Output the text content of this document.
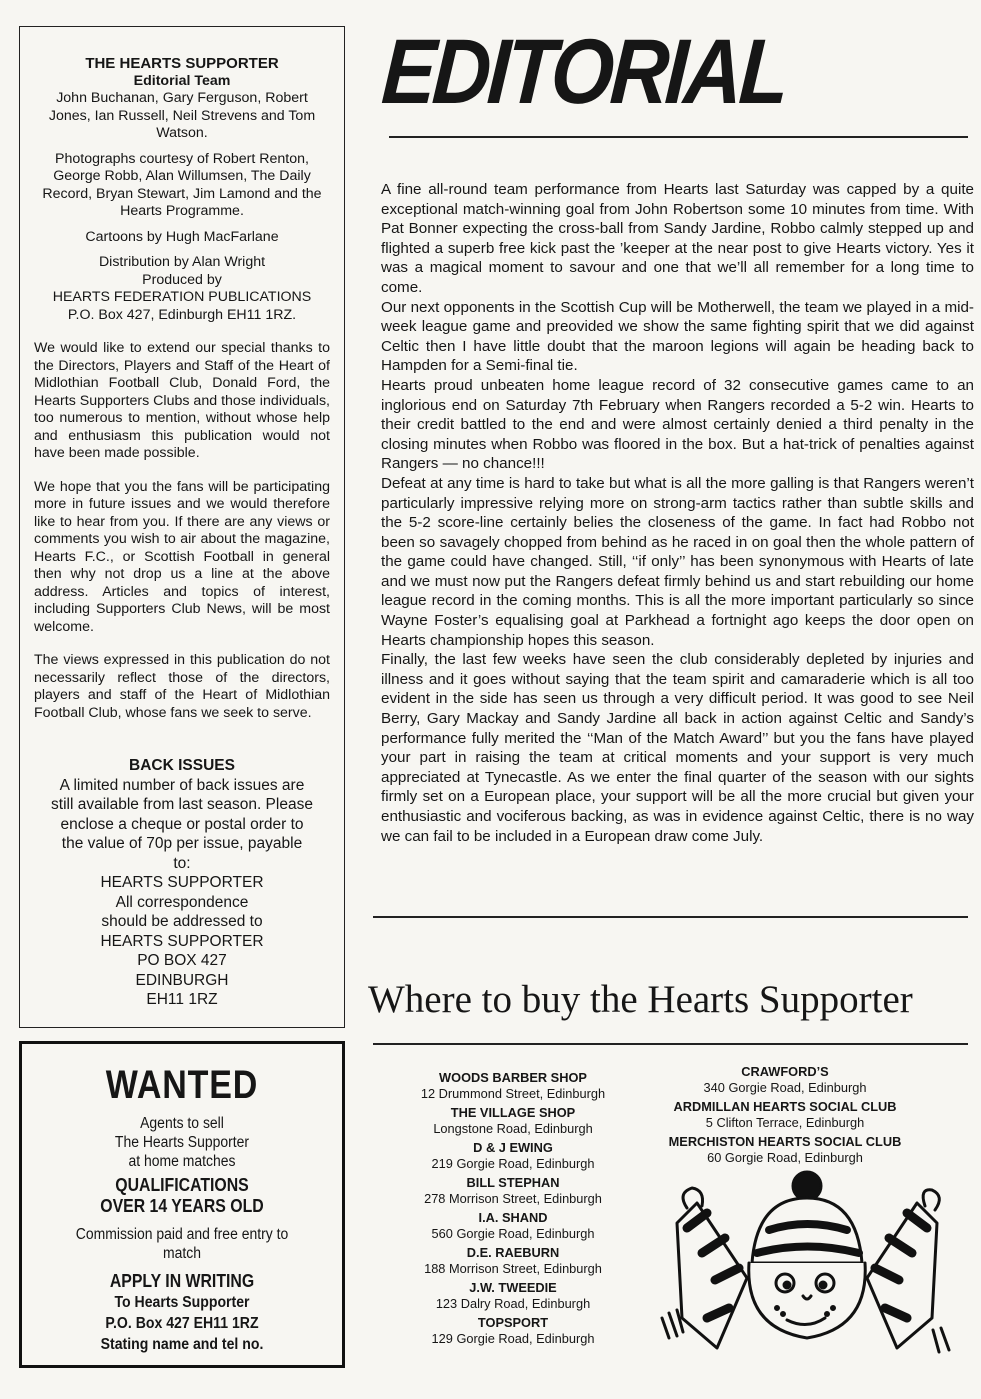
THE HEARTS SUPPORTER
Editorial Team
John Buchanan, Gary Ferguson, Robert Jones, Ian Russell, Neil Strevens and Tom Watson.
Photographs courtesy of Robert Renton, George Robb, Alan Willumsen, The Daily Record, Bryan Stewart, Jim Lamond and the Hearts Programme.
Cartoons by Hugh MacFarlane
Distribution by Alan Wright
Produced by
HEARTS FEDERATION PUBLICATIONS
P.O. Box 427, Edinburgh EH11 1RZ.
We would like to extend our special thanks to the Directors, Players and Staff of the Heart of Midlothian Football Club, Donald Ford, the Hearts Supporters Clubs and those individuals, too numerous to mention, without whose help and enthusiasm this publication would not have been made possible.
We hope that you the fans will be participating more in future issues and we would therefore like to hear from you. If there are any views or comments you wish to air about the magazine, Hearts F.C., or Scottish Football in general then why not drop us a line at the above address. Articles and topics of interest, including Supporters Club News, will be most welcome.
The views expressed in this publication do not necessarily reflect those of the directors, players and staff of the Heart of Midlothian Football Club, whose fans we seek to serve.
BACK ISSUES
A limited number of back issues are
still available from last season. Please
enclose a cheque or postal order to
the value of 70p per issue, payable
to:
HEARTS SUPPORTER
All correspondence
should be addressed to
HEARTS SUPPORTER
PO BOX 427
EDINBURGH
EH11 1RZ
WANTED
Agents to sell
The Hearts Supporter
at home matches
QUALIFICATIONS
OVER 14 YEARS OLD
Commission paid and free entry to
match
APPLY IN WRITING
To Hearts Supporter
P.O. Box 427 EH11 1RZ
Stating name and tel no.
EDITORIAL

A fine all-round team performance from Hearts last Saturday was capped by a quite exceptional match-winning goal from John Robertson some 10 minutes from time. With Pat Bonner expecting the cross-ball from Sandy Jardine, Robbo calmly stepped up and flighted a superb free kick past the ’keeper at the near post to give Hearts victory. Yes it was a magical moment to savour and one that we’ll all remember for a long time to come.

Our next opponents in the Scottish Cup will be Motherwell, the team we played in a mid-week league game and preovided we show the same fighting spirit that we did against Celtic then I have little doubt that the maroon legions will again be heading back to Hampden for a Semi-final tie.

Hearts proud unbeaten home league record of 32 consecutive games came to an inglorious end on Saturday 7th February when Rangers recorded a 5-2 win. Hearts to their credit battled to the end and were almost certainly denied a third penalty in the closing minutes when Robbo was floored in the box. But a hat-trick of penalties against Rangers — no chance!!!

Defeat at any time is hard to take but what is all the more galling is that Rangers weren’t particularly impressive relying more on strong-arm tactics rather than subtle skills and the 5-2 score-line certainly belies the closeness of the game. In fact had Robbo not been so savagely chopped from behind as he raced in on goal then the whole pattern of the game could have changed. Still, ‘‘if only’’ has been synonymous with Hearts of late and we must now put the Rangers defeat firmly behind us and start rebuilding our home league record in the coming months. This is all the more important particularly so since Wayne Foster’s equalising goal at Parkhead a fortnight ago keeps the door open on Hearts championship hopes this season.

Finally, the last few weeks have seen the club considerably depleted by injuries and illness and it goes without saying that the team spirit and camaraderie which is all too evident in the side has seen us through a very difficult period. It was good to see Neil Berry, Gary Mackay and Sandy Jardine all back in action against Celtic and Sandy’s performance fully merited the ‘‘Man of the Match Award’’ but you the fans have played your part in raising the team at critical moments and your support is very much appreciated at Tynecastle. As we enter the final quarter of the season with our sights firmly set on a European place, your support will be all the more crucial but given your enthusiastic and vociferous backing, as was in evidence against Celtic, there is no way we can fail to be included in a European draw come July.

Where to buy the Hearts Supporter
WOODS BARBER SHOP
12 Drummond Street, Edinburgh
THE VILLAGE SHOP
Longstone Road, Edinburgh
D & J EWING
219 Gorgie Road, Edinburgh
BILL STEPHAN
278 Morrison Street, Edinburgh
I.A. SHAND
560 Gorgie Road, Edinburgh
D.E. RAEBURN
188 Morrison Street, Edinburgh
J.W. TWEEDIE
123 Dalry Road, Edinburgh
TOPSPORT
129 Gorgie Road, Edinburgh
CRAWFORD’S
340 Gorgie Road, Edinburgh
ARDMILLAN HEARTS SOCIAL CLUB
5 Clifton Terrace, Edinburgh
MERCHISTON HEARTS SOCIAL CLUB
60 Gorgie Road, Edinburgh
